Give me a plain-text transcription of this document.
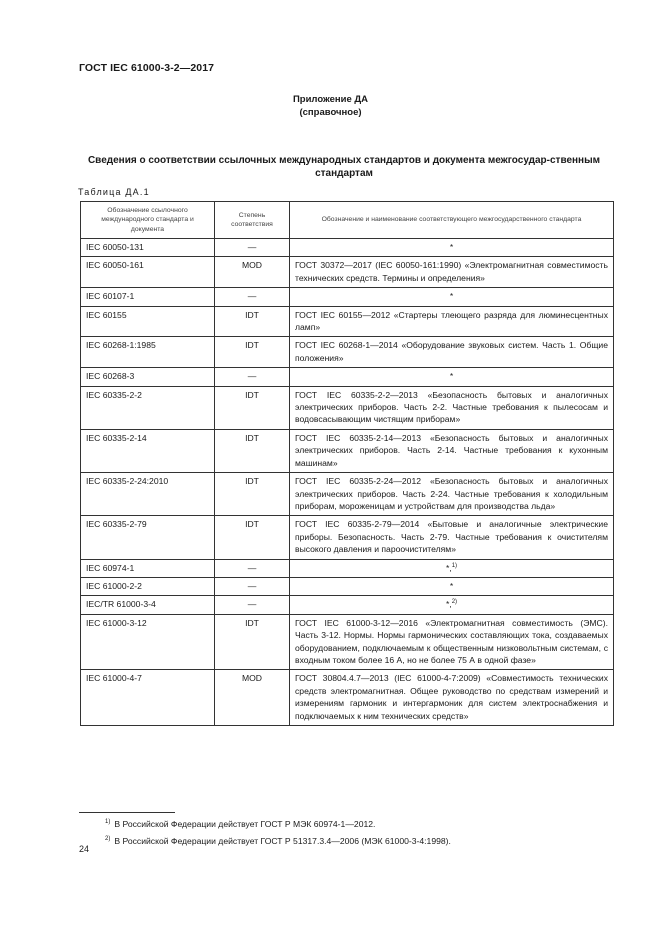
ГОСТ IEC 61000-3-2—2017
Приложение ДА
(справочное)
Сведения о соответствии ссылочных международных стандартов и документа межгосудар-ственным стандартам
Таблица ДА.1
Обозначение ссылочного международного стандарта и документа	Степень соответствия	Обозначение и наименование соответствующего межгосударственного стандарта
IEC 60050-131	—	*
IEC 60050-161	MOD	ГОСТ 30372—2017 (IEC 60050-161:1990) «Электромагнитная совместимость технических средств. Термины и определения»
IEC 60107-1	—	*
IEC 60155	IDT	ГОСТ IEC 60155—2012 «Стартеры тлеющего разряда для люминесцентных ламп»
IEC 60268-1:1985	IDT	ГОСТ IEC 60268-1—2014 «Оборудование звуковых систем. Часть 1. Общие положения»
IEC 60268-3	—	*
IEC 60335-2-2	IDT	ГОСТ IEC 60335-2-2—2013 «Безопасность бытовых и аналогичных электрических приборов. Часть 2-2. Частные требования к пылесосам и водовсасывающим чистящим приборам»
IEC 60335-2-14	IDT	ГОСТ IEC 60335-2-14—2013 «Безопасность бытовых и аналогичных электрических приборов. Часть 2-14. Частные требования к кухонным машинам»
IEC 60335-2-24:2010	IDT	ГОСТ IEC 60335-2-24—2012 «Безопасность бытовых и аналогичных электрических приборов. Часть 2-24. Частные требования к холодильным приборам, мороженицам и устройствам для производства льда»
IEC 60335-2-79	IDT	ГОСТ IEC 60335-2-79—2014 «Бытовые и аналогичные электрические приборы. Безопасность. Часть 2-79. Частные требования к очистителям высокого давления и пароочистителям»
IEC 60974-1	—	*,$^{1)}$
IEC 61000-2-2	—	*
IEC/TR 61000-3-4	—	*,$^{2)}$
IEC 61000-3-12	IDT	ГОСТ IEC 61000-3-12—2016 «Электромагнитная совместимость (ЭМС). Часть 3-12. Нормы. Нормы гармонических составляющих тока, создаваемых оборудованием, подключаемым к общественным низковольтным системам, с входным током более 16 А, но не более 75 А в одной фазе»
IEC 61000-4-7	MOD	ГОСТ 30804.4.7—2013 (IEC 61000-4-7:2009) «Совместимость технических средств электромагнитная. Общее руководство по средствам измерений и измерениям гармоник и интергармоник для систем электроснабжения и подключаемых к ним технических средств»
$^{1)}$ В Российской Федерации действует ГОСТ Р МЭК 60974-1—2012.
$^{2)}$ В Российской Федерации действует ГОСТ Р 51317.3.4—2006 (МЭК 61000-3-4:1998).
24
